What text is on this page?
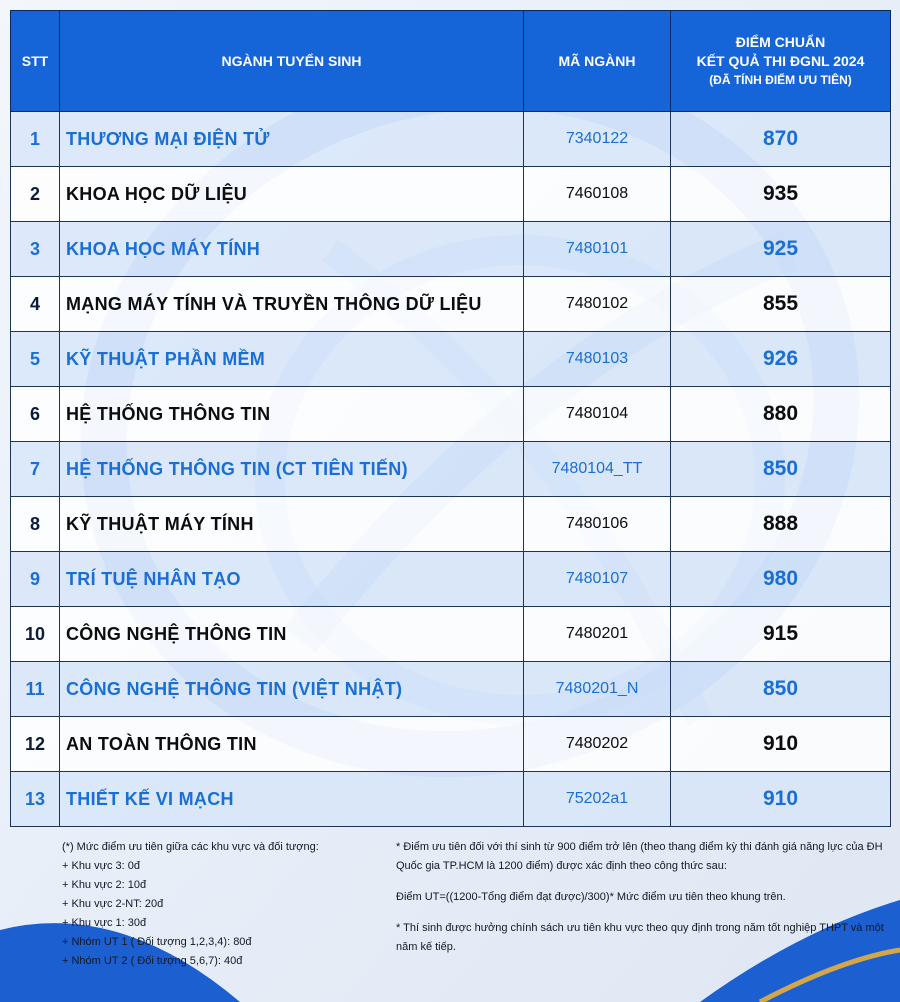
STT	NGÀNH TUYỂN SINH	MÃ NGÀNH	ĐIỂM CHUẨN
KẾT QUẢ THI ĐGNL 2024
(ĐÃ TÍNH ĐIỂM ƯU TIÊN)

1	THƯƠNG MẠI ĐIỆN TỬ	7340122	870
2	KHOA HỌC DỮ LIỆU	7460108	935
3	KHOA HỌC MÁY TÍNH	7480101	925
4	MẠNG MÁY TÍNH VÀ TRUYỀN THÔNG DỮ LIỆU	7480102	855
5	KỸ THUẬT PHẦN MỀM	7480103	926
6	HỆ THỐNG THÔNG TIN	7480104	880
7	HỆ THỐNG THÔNG TIN (CT TIÊN TIẾN)	7480104_TT	850
8	KỸ THUẬT MÁY TÍNH	7480106	888
9	TRÍ TUỆ NHÂN TẠO	7480107	980
10	CÔNG NGHỆ THÔNG TIN	7480201	915
11	CÔNG NGHỆ THÔNG TIN (VIỆT NHẬT)	7480201_N	850
12	AN TOÀN THÔNG TIN	7480202	910
13	THIẾT KẾ VI MẠCH	75202a1	910

(*) Mức điểm ưu tiên giữa các khu vực và đối tượng:

+ Khu vực 3: 0đ

+ Khu vực 2: 10đ

+ Khu vực 2-NT: 20đ

+ Khu vực 1: 30đ

+ Nhóm UT 1 ( Đối tượng 1,2,3,4): 80đ

+ Nhóm UT 2 ( Đối tượng 5,6,7): 40đ

* Điểm ưu tiên đối với thí sinh từ 900 điểm trở lên (theo thang điểm kỳ thi đánh giá năng lực của ĐH Quốc gia TP.HCM là 1200 điểm) được xác định theo công thức sau:

Điểm UT=((1200-Tổng điểm đạt được)/300)* Mức điểm ưu tiên theo khung trên.

* Thí sinh được hưởng chính sách ưu tiên khu vực theo quy định trong năm tốt nghiệp THPT và một năm kế tiếp.
